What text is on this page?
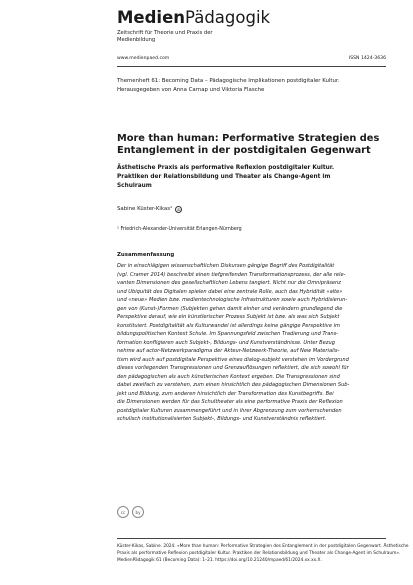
MedienPädagogik
Zeitschrift für Theorie und Praxis der
Medienbildung
www.medienpaed.com	ISSN 1424-3636
Themenheft 61: Becoming Data – Pädagogische Implikationen postdigitaler Kultur.
Herausgegeben von Anna Carnap und Viktoria Flasche
More than human: Performative Strategien des
Entanglement in der postdigitalen Gegenwart
Ästhetische Praxis als performative Reflexion postdigitaler Kultur.
Praktiken der Relationsbildung und Theater als Change-Agent im
Schulraum
Sabine Küster-Kikas¹	iD
¹ Friedrich-Alexander-Universität Erlangen-Nürnberg
Zusammenfassung
Der in einschlägigen wissenschaftlichen Diskursen gängige Begriff des Postdigitalität
(vgl. Cramer 2014) beschreibt einen tiefgreifenden Transformationsprozess, der alle rele-
vanten Dimensionen des gesellschaftlichen Lebens tangiert. Nicht nur die Omnipräsenz
und Ubiquität des Digitalen spielen dabei eine zentrale Rolle, auch das Hybridität «alte»
und «neue» Medien bzw. medientechnologische Infrastrukturen sowie auch Hybridisierun-
gen von (Kunst-)Formen (Subjekten gehen damit einher und verändern grundlegend die
Perspektive darauf, wie ein künstlerischer Prozess Subjekt ist bzw. als was sich Subjekt
konstituiert. Postdigitalität als Kulturwandel ist allerdings keine gängige Perspektive im
bildungspolitischen Kontext Schule. Im Spannungsfeld zwischen Tradierung und Trans-
formation konfligieren auch Subjekt-, Bildungs- und Kunstverständnisse. Unter Bezug
nehme auf actor-Netzwerkparadigma der Akteur-Netzwerk-Theorie, auf New Materialis-
tism wird auch auf postdigitale Perspektive eines dialog-subjekt verstehen im Vordergrund
dieses vorliegenden Transgressionen und Grenzauflösungen reflektiert, die sich sowohl für
den pädagogischen als auch künstlerischen Kontext ergeben. Die Transgressionen sind
dabei zweifach zu verstehen, zum einen hinsichtlich des pädagogischen Dimensionen Sub-
jekt und Bildung, zum anderen hinsichtlich der Transformation des Kunstbegriffs. Bei
die Dimensionen werden für das Schultheater als eine performative Praxis der Reflexion
postdigitaler Kulturen zusammengeführt und in ihrer Abgrenzung zum vorherrschenden
schulisch institutionalisierten Subjekt-, Bildungs- und Kunstverständnis reflektiert.
cc	by
Küster-Kikas, Sabine. 2024. «More than human: Performative Strategien des Entanglement in der postdigitalen Gegenwart. Ästhetische
Praxis als performative Reflexion postdigitaler Kultur. Praktiken der Relationsbildung und Theater als Change-Agent im Schulraum».
MedienPädagogik 61 (Becoming Data): 1–21. https://doi.org/10.21240/mpaed/61/2024.xx.xx.X.
